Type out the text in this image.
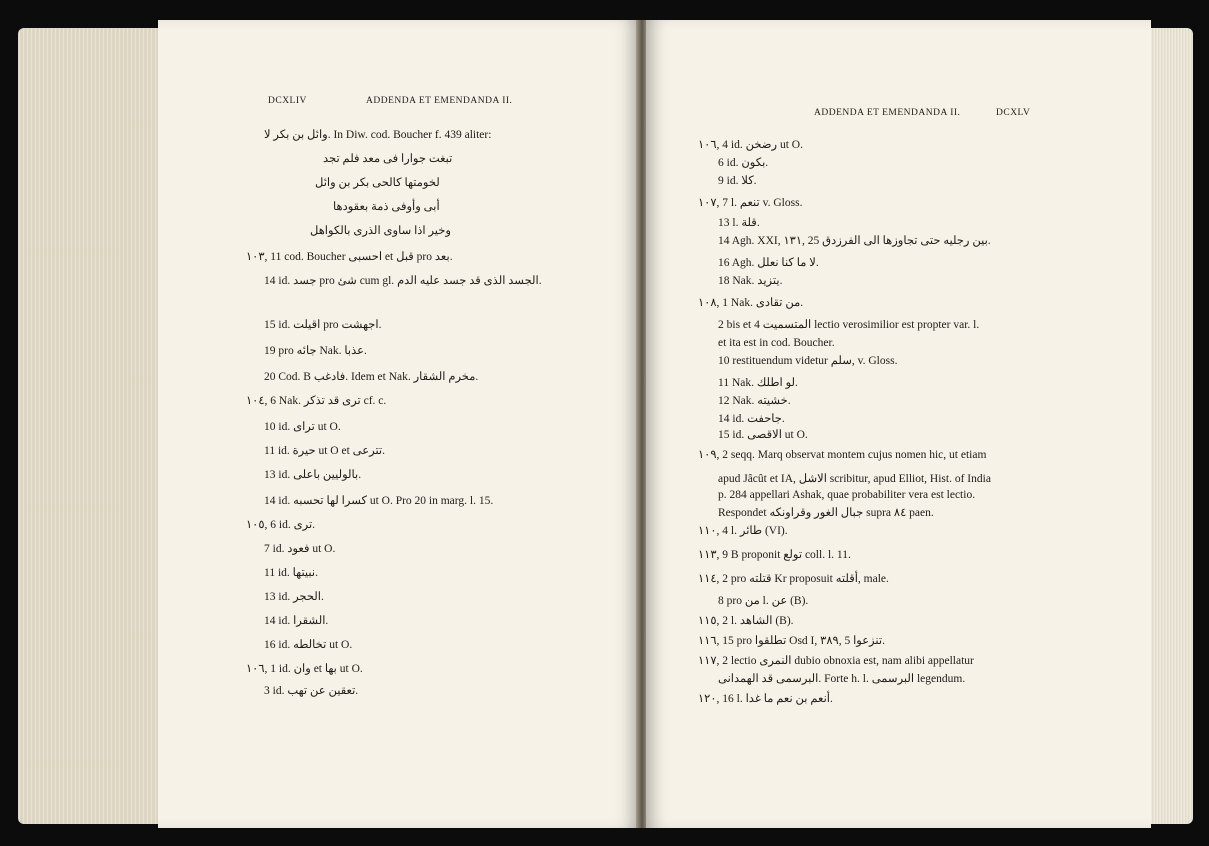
DCXLIV	ADDENDA ET EMENDANDA II.
وائل بن بكر لا. In Diw. cod. Boucher f. 439 aliter:
تبغت جوارا فى معد فلم تجد
لخومتها كالحى بكر بن وائل
أبى وأوفى ذمة بعقودها
وخير اذا ساوى الذرى بالكواهل
١٠٣, 11 cod. Boucher احسبى et قبل pro بعد.
14 id. جسد pro شئ cum gl. الجسد الذى قد جسد عليه الدم.
15 id. اقيلت pro اجهشت.
19 pro جائه Nak. عذبا.
20 Cod. B فادغب. Idem et Nak. مخرم الشقار.
١٠٤, 6 Nak. ترى قد تذكر cf. c.
10 id. تراى ut O.
11 id. حيرة ut O et تترعى.
13 id. بالوليين باعلى.
14 id. كسرا لها تحسبه ut O. Pro 20 in marg. l. 15.
١٠٥, 6 id. ترى.
7 id. فعود ut O.
11 id. نبيتها.
13 id. الحجر.
14 id. الشقرا.
16 id. تخالطه ut O.
١٠٦, 1 id. وان et بها ut O.
3 id. تعقين عن تهب.
ADDENDA ET EMENDANDA II.	DCXLV
١٠٦, 4 id. رضخن ut O.
6 id. بكون.
9 id. كلا.
١٠٧, 7 l. تنعم v. Gloss.
13 l. قلة.
14 Agh. XXI, ١٣١, 25 بين رجليه حتى تجاوزها الى الفرزدق.
16 Agh. لا ما كنا نعلل.
18 Nak. يتزيد.
١٠٨, 1 Nak. من تقادى.
2 bis et 4 المتسميت lectio verosimilior est propter var. l.
et ita est in cod. Boucher.
10 restituendum videtur سلم, v. Gloss.
11 Nak. لو اطلك.
12 Nak. خشيته.
14 id. جاحفت.
15 id. الاقصى ut O.
١٠٩, 2 seqq. Marq observat montem cujus nomen hic, ut etiam
apud Jâcût et IA, الاشل scribitur, apud Elliot, Hist. of India
p. 284 appellari Ashak, quae probabiliter vera est lectio.
Respondet جبال الغور وقراونكه supra ٨٤ paen.
١١٠, 4 l. طائر (VI).
١١٣, 9 B proponit تولع coll. l. 11.
١١٤, 2 pro قتلته Kr proposuit أقلته, male.
8 pro من l. عن (B).
١١٥, 2 l. الشاهد (B).
١١٦, 15 pro تطلقوا Osd I, ٣٨٩, 5 تنزعوا.
١١٧, 2 lectio النمرى dubio obnoxia est, nam alibi appellatur
البرسمى قد الهمدانى. Forte h. l. البرسمى legendum.
١٢٠, 16 l. أنعم بن نعم ما غدا.
